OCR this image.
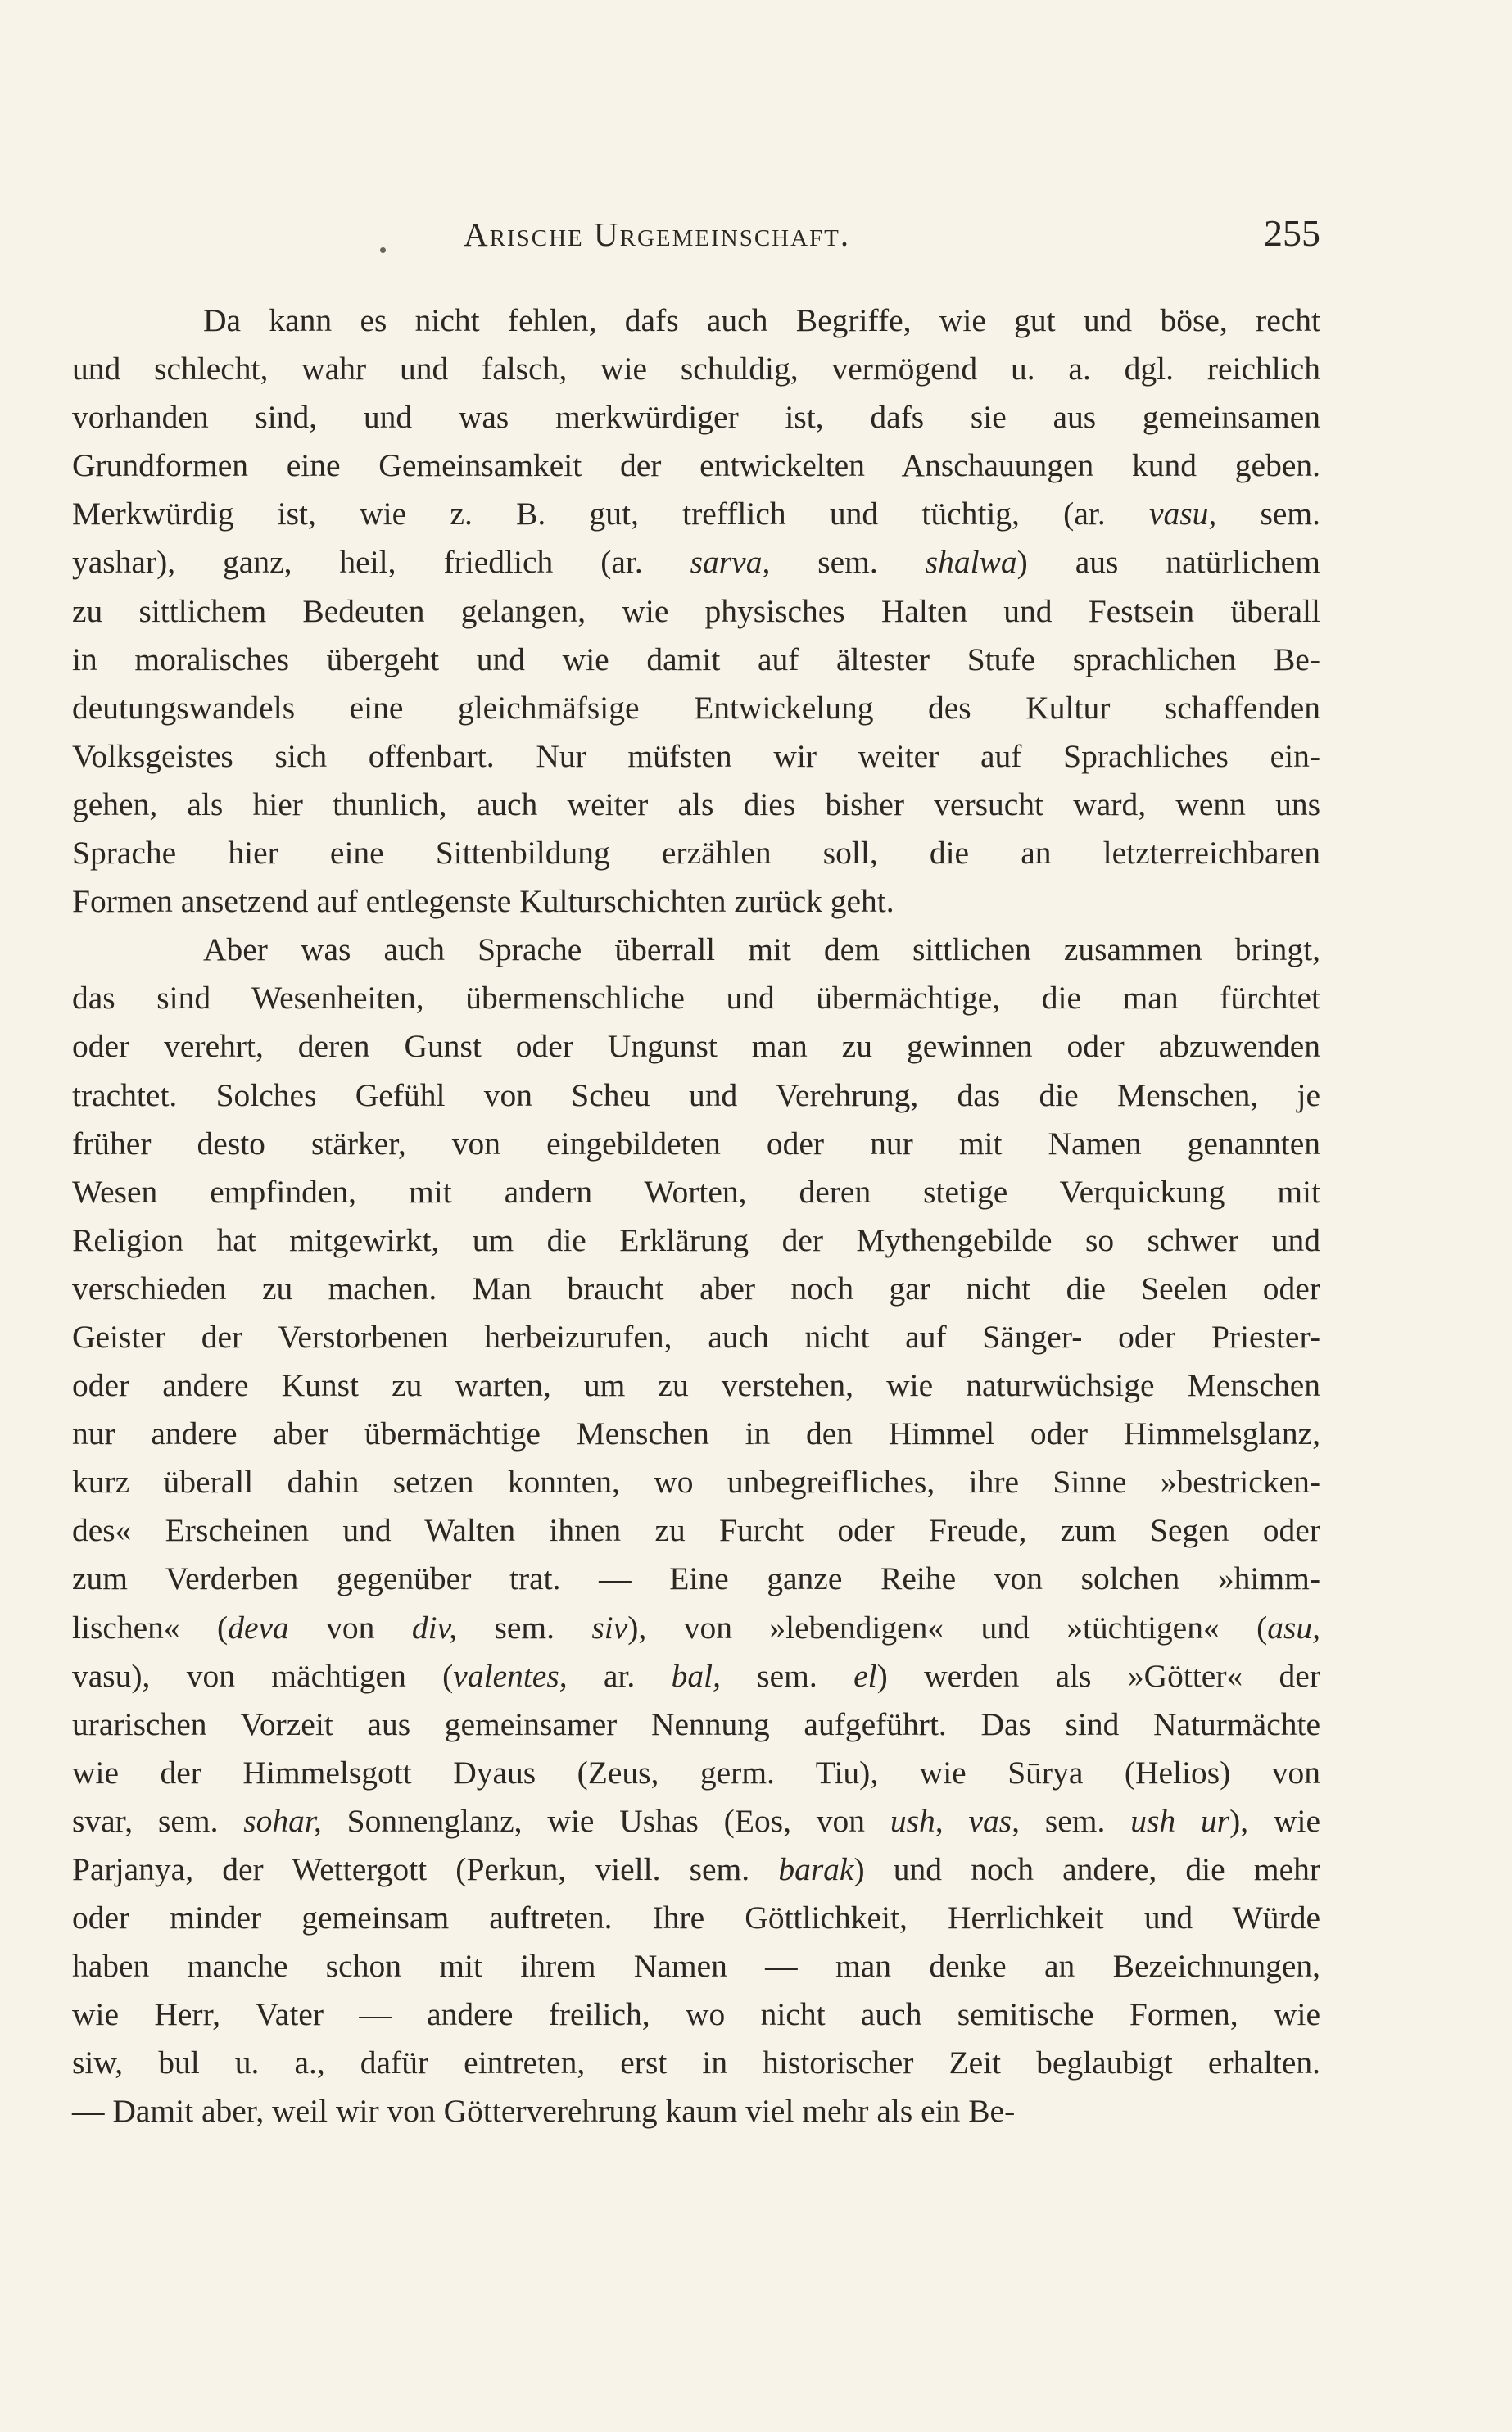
Arische Urgemeinschaft.	255
Da kann es nicht fehlen, dafs auch Begriffe, wie gut und böse, recht
und schlecht, wahr und falsch, wie schuldig, vermögend u. a. dgl. reichlich
vorhanden sind, und was merkwürdiger ist, dafs sie aus gemeinsamen
Grundformen eine Gemeinsamkeit der entwickelten Anschauungen kund geben.
Merkwürdig ist, wie z. B. gut, trefflich und tüchtig, (ar. vasu, sem.
yashar), ganz, heil, friedlich (ar. sarva, sem. shalwa) aus natürlichem
zu sittlichem Bedeuten gelangen, wie physisches Halten und Festsein überall
in moralisches übergeht und wie damit auf ältester Stufe sprachlichen Be-
deutungswandels eine gleichmäfsige Entwickelung des Kultur schaffenden
Volksgeistes sich offenbart. Nur müfsten wir weiter auf Sprachliches ein-
gehen, als hier thunlich, auch weiter als dies bisher versucht ward, wenn uns
Sprache hier eine Sittenbildung erzählen soll, die an letzterreichbaren
Formen ansetzend auf entlegenste Kulturschichten zurück geht.
Aber was auch Sprache überrall mit dem sittlichen zusammen bringt,
das sind Wesenheiten, übermenschliche und übermächtige, die man fürchtet
oder verehrt, deren Gunst oder Ungunst man zu gewinnen oder abzuwenden
trachtet. Solches Gefühl von Scheu und Verehrung, das die Menschen, je
früher desto stärker, von eingebildeten oder nur mit Namen genannten
Wesen empfinden, mit andern Worten, deren stetige Verquickung mit
Religion hat mitgewirkt, um die Erklärung der Mythengebilde so schwer und
verschieden zu machen. Man braucht aber noch gar nicht die Seelen oder
Geister der Verstorbenen herbeizurufen, auch nicht auf Sänger- oder Priester-
oder andere Kunst zu warten, um zu verstehen, wie naturwüchsige Menschen
nur andere aber übermächtige Menschen in den Himmel oder Himmelsglanz,
kurz überall dahin setzen konnten, wo unbegreifliches, ihre Sinne »bestricken-
des« Erscheinen und Walten ihnen zu Furcht oder Freude, zum Segen oder
zum Verderben gegenüber trat. — Eine ganze Reihe von solchen »himm-
lischen« (deva von div, sem. siv), von »lebendigen« und »tüchtigen« (asu,
vasu), von mächtigen (valentes, ar. bal, sem. el) werden als »Götter« der
urarischen Vorzeit aus gemeinsamer Nennung aufgeführt. Das sind Naturmächte
wie der Himmelsgott Dyaus (Zeus, germ. Tiu), wie Sūrya (Helios) von
svar, sem. sohar, Sonnenglanz, wie Ushas (Eos, von ush, vas, sem. ush ur), wie
Parjanya, der Wettergott (Perkun, viell. sem. barak) und noch andere, die mehr
oder minder gemeinsam auftreten. Ihre Göttlichkeit, Herrlichkeit und Würde
haben manche schon mit ihrem Namen — man denke an Bezeichnungen,
wie Herr, Vater — andere freilich, wo nicht auch semitische Formen, wie
siw, bul u. a., dafür eintreten, erst in historischer Zeit beglaubigt erhalten.
— Damit aber, weil wir von Götterverehrung kaum viel mehr als ein Be-
